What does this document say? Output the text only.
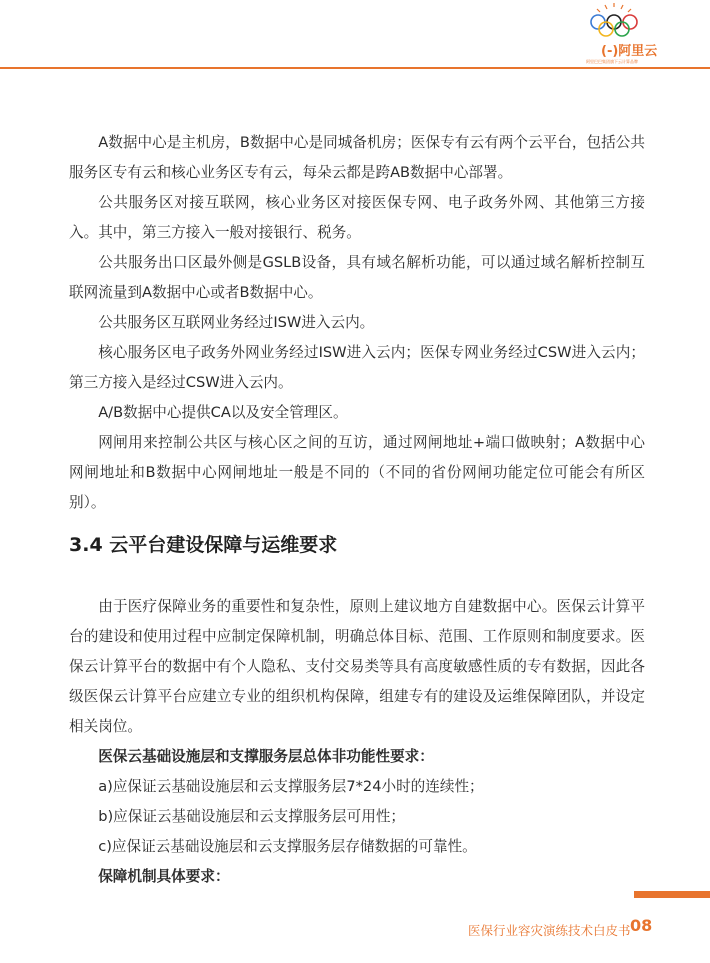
(-)阿里云
阿里巴巴集团旗下云计算品牌

A数据中心是主机房，B数据中心是同城备机房；医保专有云有两个云平台，包括公共服务区专有云和核心业务区专有云，每朵云都是跨AB数据中心部署。

公共服务区对接互联网，核心业务区对接医保专网、电子政务外网、其他第三方接入。其中，第三方接入一般对接银行、税务。

公共服务出口区最外侧是GSLB设备，具有域名解析功能，可以通过域名解析控制互联网流量到A数据中心或者B数据中心。

公共服务区互联网业务经过ISW进入云内。

核心服务区电子政务外网业务经过ISW进入云内；医保专网业务经过CSW进入云内；第三方接入是经过CSW进入云内。

A/B数据中心提供CA以及安全管理区。

网闸用来控制公共区与核心区之间的互访，通过网闸地址+端口做映射；A数据中心网闸地址和B数据中心网闸地址一般是不同的（不同的省份网闸功能定位可能会有所区别）。

3.4 云平台建设保障与运维要求

由于医疗保障业务的重要性和复杂性，原则上建议地方自建数据中心。医保云计算平台的建设和使用过程中应制定保障机制，明确总体目标、范围、工作原则和制度要求。医保云计算平台的数据中有个人隐私、支付交易类等具有高度敏感性质的专有数据，因此各级医保云计算平台应建立专业的组织机构保障，组建专有的建设及运维保障团队，并设定相关岗位。

医保云基础设施层和支撑服务层总体非功能性要求：

a)应保证云基础设施层和云支撑服务层7*24小时的连续性；

b)应保证云基础设施层和云支撑服务层可用性；

c)应保证云基础设施层和云支撑服务层存储数据的可靠性。

保障机制具体要求：

医保行业容灾演练技术白皮书 08
